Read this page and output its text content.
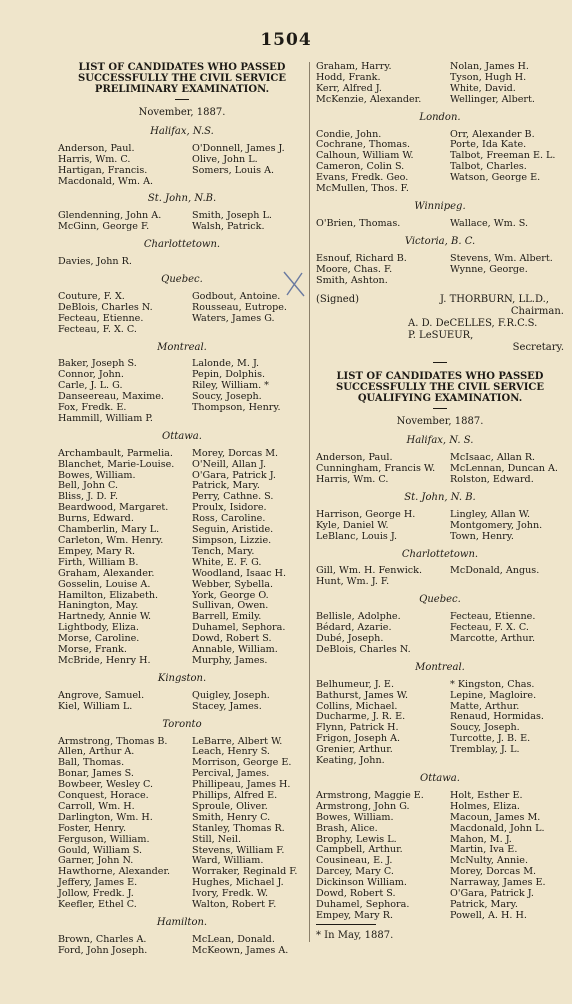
1504
LIST OF CANDIDATES WHO PASSED SUCCESSFULLY THE CIVIL SERVICE PRELIMINARY EXAMINATION.
November, 1887.
Halifax, N.S.
Anderson, Paul.	O'Donnell, James J.
Harris, Wm. C.	Olive, John L.
Hartigan, Francis.	Somers, Louis A.
Macdonald, Wm. A.
St. John, N.B.
Glendenning, John A.	Smith, Joseph L.
McGinn, George F.	Walsh, Patrick.
Charlottetown.
Davies, John R.
Quebec.
Couture, F. X.	Godbout, Antoine.
DeBlois, Charles N.	Rousseau, Eutrope.
Fecteau, Etienne.	Waters, James G.
Fecteau, F. X. C.
Montreal.
Baker, Joseph S.	Lalonde, M. J.
Connor, John.	Pepin, Dolphis.
Carle, J. L. G.	Riley, William. *
Danseereau, Maxime.	Soucy, Joseph.
Fox, Fredk. E.	Thompson, Henry.
Hammill, William P.
Ottawa.
Archambault, Parmelia.	Morey, Dorcas M.
Blanchet, Marie-Louise.	O'Neill, Allan J.
Bowes, William.	O'Gara, Patrick J.
Bell, John C.	Patrick, Mary.
Bliss, J. D. F.	Perry, Cathne. S.
Beardwood, Margaret.	Proulx, Isidore.
Burns, Edward.	Ross, Caroline.
Chamberlin, Mary L.	Seguin, Aristide.
Carleton, Wm. Henry.	Simpson, Lizzie.
Empey, Mary R.	Tench, Mary.
Firth, William B.	White, E. F. G.
Graham, Alexander.	Woodland, Isaac H.
Gosselin, Louise A.	Webber, Sybella.
Hamilton, Elizabeth.	York, George O.
Hanington, May.	Sullivan, Owen.
Hartnedy, Annie W.	Barrell, Emily.
Lightbody, Eliza.	Duhamel, Sephora.
Morse, Caroline.	Dowd, Robert S.
Morse, Frank.	Annable, William.
McBride, Henry H.	Murphy, James.
Kingston.
Angrove, Samuel.	Quigley, Joseph.
Kiel, William L.	Stacey, James.
Toronto
Armstrong, Thomas B.	LeBarre, Albert W.
Allen, Arthur A.	Leach, Henry S.
Ball, Thomas.	Morrison, George E.
Bonar, James S.	Percival, James.
Bowbeer, Wesley C.	Phillipeau, James H.
Conquest, Horace.	Phillips, Alfred E.
Carroll, Wm. H.	Sproule, Oliver.
Darlington, Wm. H.	Smith, Henry C.
Foster, Henry.	Stanley, Thomas R.
Ferguson, William.	Still, Neil.
Gould, William S.	Stevens, William F.
Garner, John N.	Ward, William.
Hawthorne, Alexander.	Worraker, Reginald F.
Jeffery, James E.	Hughes, Michael J.
Jollow, Fredk. J.	Ivory, Fredk. W.
Keefler, Ethel C.	Walton, Robert F.
Hamilton.
Brown, Charles A.	McLean, Donald.
Ford, John Joseph.	McKeown, James A.
Graham, Harry.	Nolan, James H.
Hodd, Frank.	Tyson, Hugh H.
Kerr, Alfred J.	White, David.
McKenzie, Alexander.	Wellinger, Albert.
London.
Condie, John.	Orr, Alexander B.
Cochrane, Thomas.	Porte, Ida Kate.
Calhoun, William W.	Talbot, Freeman E. L.
Cameron, Colin S.	Talbot, Charles.
Evans, Fredk. Geo.	Watson, George E.
McMullen, Thos. F.
Winnipeg.
O'Brien, Thomas.	Wallace, Wm. S.
Victoria, B. C.
Esnouf, Richard B.	Stevens, Wm. Albert.
Moore, Chas. F.	Wynne, George.
Smith, Ashton.
(Signed)	J. THORBURN, LL.D.,
Chairman.
A. D. DeCELLES, F.R.C.S.
P. LeSUEUR,
Secretary.
LIST OF CANDIDATES WHO PASSED SUCCESSFULLY THE CIVIL SERVICE QUALIFYING EXAMINATION.
November, 1887.
Halifax, N. S.
Anderson, Paul.	McIsaac, Allan R.
Cunningham, Francis W.	McLennan, Duncan A.
Harris, Wm. C.	Rolston, Edward.
St. John, N. B.
Harrison, George H.	Lingley, Allan W.
Kyle, Daniel W.	Montgomery, John.
LeBlanc, Louis J.	Town, Henry.
Charlottetown.
Gill, Wm. H. Fenwick.	McDonald, Angus.
Hunt, Wm. J. F.
Quebec.
Bellisle, Adolphe.	Fecteau, Etienne.
Bédard, Azarie.	Fecteau, F. X. C.
Dubé, Joseph.	Marcotte, Arthur.
DeBlois, Charles N.
Montreal.
Belhumeur, J. E.	* Kingston, Chas.
Bathurst, James W.	Lepine, Magloire.
Collins, Michael.	Matte, Arthur.
Ducharme, J. R. E.	Renaud, Hormidas.
Flynn, Patrick H.	Soucy, Joseph.
Frigon, Joseph A.	Turcotte, J. B. E.
Grenier, Arthur.	Tremblay, J. L.
Keating, John.
Ottawa.
Armstrong, Maggie E.	Holt, Esther E.
Armstrong, John G.	Holmes, Eliza.
Bowes, William.	Macoun, James M.
Brash, Alice.	Macdonald, John L.
Brophy, Lewis L.	Mahon, M. J.
Campbell, Arthur.	Martin, Iva E.
Cousineau, E. J.	McNulty, Annie.
Darcey, Mary C.	Morey, Dorcas M.
Dickinson William.	Narraway, James E.
Dowd, Robert S.	O'Gara, Patrick J.
Duhamel, Sephora.	Patrick, Mary.
Empey, Mary R.	Powell, A. H. H.
* In May, 1887.
